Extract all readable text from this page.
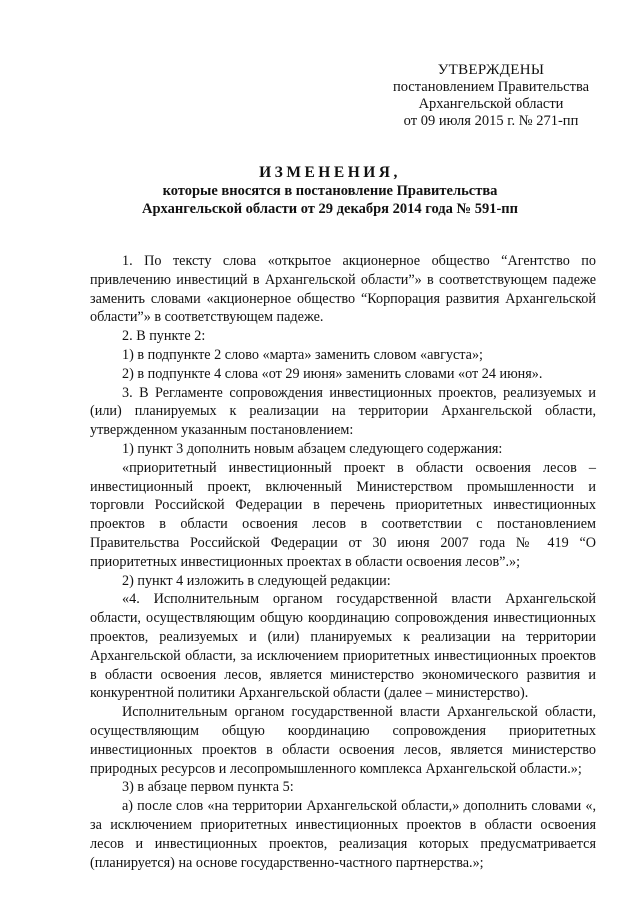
УТВЕРЖДЕНЫ
постановлением Правительства
Архангельской области
от 09 июля 2015 г. № 271-пп
ИЗМЕНЕНИЯ,
которые вносятся в постановление Правительства
Архангельской области от 29 декабря 2014 года № 591-пп

1. По тексту слова «открытое акционерное общество “Агентство по привлечению инвестиций в Архангельской области”» в соответствующем падеже заменить словами «акционерное общество “Корпорация развития Архангельской области”» в соответствующем падеже.

2. В пункте 2:

1) в подпункте 2 слово «марта» заменить словом «августа»;

2) в подпункте 4 слова «от 29 июня» заменить словами «от 24 июня».

3. В Регламенте сопровождения инвестиционных проектов, реализуемых и (или) планируемых к реализации на территории Архангельской области, утвержденном указанным постановлением:

1) пункт 3 дополнить новым абзацем следующего содержания:

«приоритетный инвестиционный проект в области освоения лесов – инвестиционный проект, включенный Министерством промышленности и торговли Российской Федерации в перечень приоритетных инвестиционных проектов в области освоения лесов в соответствии с постановлением Правительства Российской Федерации от 30 июня 2007 года № 419 “О приоритетных инвестиционных проектах в области освоения лесов”.»;

2) пункт 4 изложить в следующей редакции:

«4. Исполнительным органом государственной власти Архангельской области, осуществляющим общую координацию сопровождения инвестиционных проектов, реализуемых и (или) планируемых к реализации на территории Архангельской области, за исключением приоритетных инвестиционных проектов в области освоения лесов, является министерство экономического развития и конкурентной политики Архангельской области (далее – министерство).

Исполнительным органом государственной власти Архангельской области, осуществляющим общую координацию сопровождения приоритетных инвестиционных проектов в области освоения лесов, является министерство природных ресурсов и лесопромышленного комплекса Архангельской области.»;

3) в абзаце первом пункта 5:

а) после слов «на территории Архангельской области,» дополнить словами «, за исключением приоритетных инвестиционных проектов в области освоения лесов и инвестиционных проектов, реализация которых предусматривается (планируется) на основе государственно-частного партнерства.»;
